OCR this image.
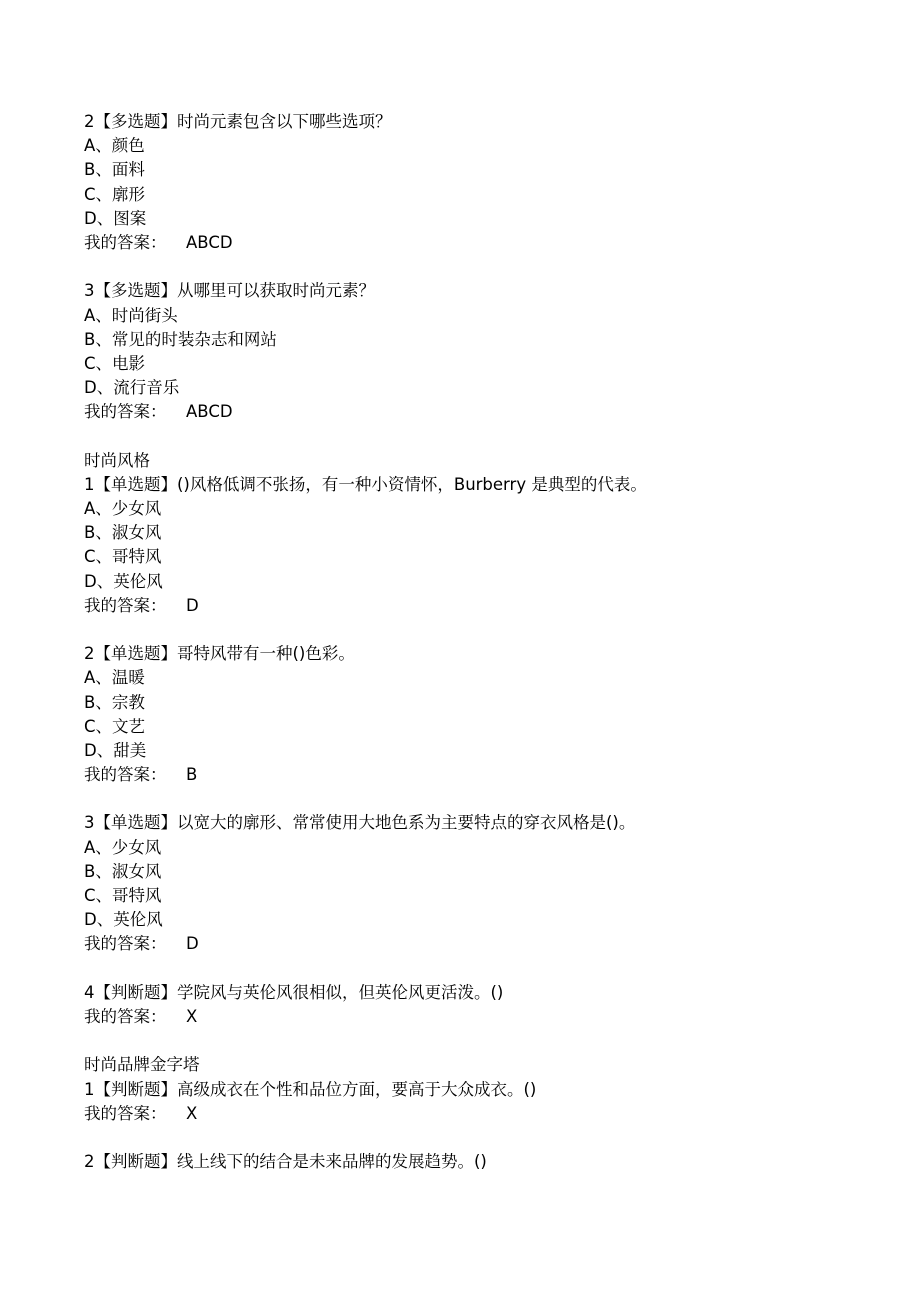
2【多选题】时尚元素包含以下哪些选项？
A、颜色
B、面料
C、廓形
D、图案
我的答案： ABCD
3【多选题】从哪里可以获取时尚元素？
A、时尚街头
B、常见的时装杂志和网站
C、电影
D、流行音乐
我的答案： ABCD
时尚风格
1【单选题】()风格低调不张扬，有一种小资情怀，Burberry 是典型的代表。
A、少女风
B、淑女风
C、哥特风
D、英伦风
我的答案： D
2【单选题】哥特风带有一种()色彩。
A、温暖
B、宗教
C、文艺
D、甜美
我的答案： B
3【单选题】以宽大的廓形、常常使用大地色系为主要特点的穿衣风格是()。
A、少女风
B、淑女风
C、哥特风
D、英伦风
我的答案： D
4【判断题】学院风与英伦风很相似，但英伦风更活泼。()
我的答案： X
时尚品牌金字塔
1【判断题】高级成衣在个性和品位方面，要高于大众成衣。()
我的答案： X
2【判断题】线上线下的结合是未来品牌的发展趋势。()
